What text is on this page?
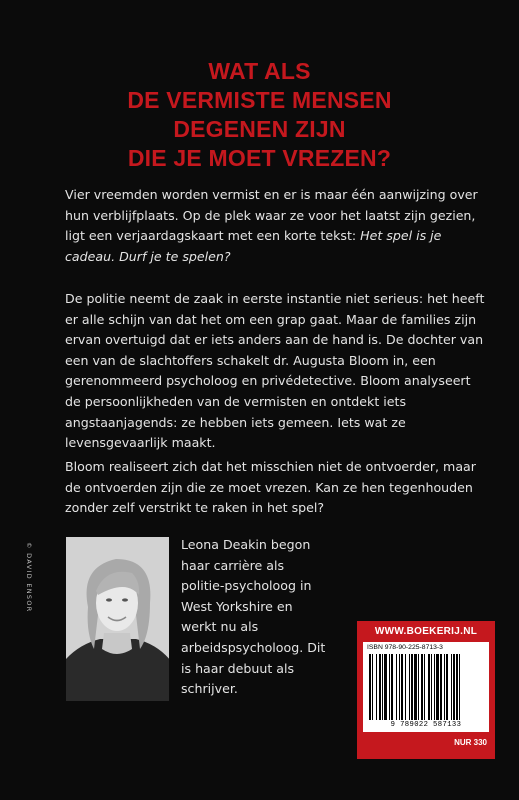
WAT ALS
DE VERMISTE MENSEN
DEGENEN ZIJN
DIE JE MOET VREZEN?

Vier vreemden worden vermist en er is maar één aanwijzing over hun verblijfplaats. Op de plek waar ze voor het laatst zijn gezien, ligt een verjaardagskaart met een korte tekst: Het spel is je cadeau. Durf je te spelen?

De politie neemt de zaak in eerste instantie niet serieus: het heeft er alle schijn van dat het om een grap gaat. Maar de families zijn ervan overtuigd dat er iets anders aan de hand is. De dochter van een van de slachtoffers schakelt dr. Augusta Bloom in, een gerenommeerd psycholoog en privédetective. Bloom analyseert de persoonlijkheden van de vermisten en ontdekt iets angstaanjagends: ze hebben iets gemeen. Iets wat ze levensgevaarlijk maakt.

Bloom realiseert zich dat het misschien niet de ontvoerder, maar de ontvoerden zijn die ze moet vrezen. Kan ze hen tegenhouden zonder zelf verstrikt te raken in het spel?

© DAVID ENSOR	Leona Deakin begon haar carrière als politie-psycholoog in West Yorkshire en werkt nu als arbeidspsycholoog. Dit is haar debuut als schrijver.

WWW.BOEKERIJ.NL
ISBN 978-90-225-8713-3
9 789022 587133
NUR 330
